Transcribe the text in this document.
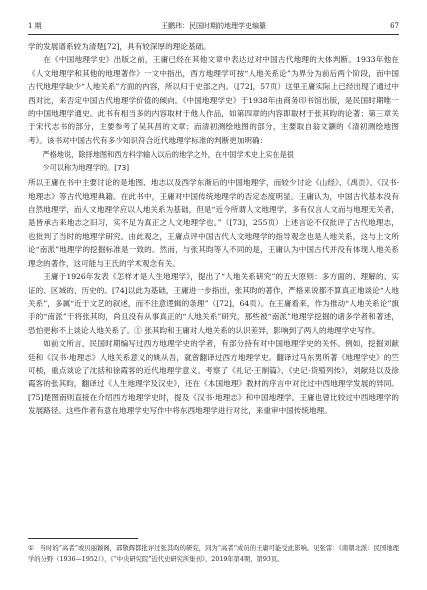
1 期	王鹏玮：民国时期的地理学史编纂	67

学的发展谱系较为清楚[72]，具有较深厚的理论基础。

在《中国地理学史》出版之前，王庸已经在其他文章中表达过对中国古代地理的大体判断。1933年他在《人文地理学和其他的地理著作》一文中指出，西方地理学可按“人地关系论”为界分为前后两个阶段，而中国古代地理学缺少“人地关系”方面的内容，所以归于史部之内。（[72]，57页）这里王庸实际上已经出现了通过中西对比，来否定中国古代地理学价值的倾向。《中国地理学史》于1938年由商务印书馆出版，是民国时期唯一的中国地理学通史。此书有相当多的内容取材于他人作品，如第四章的内容即取材于张其昀的论著；第三章关于宋代志书的部分，主要参考了吴其昌的文章；而清初测绘地图的部分，主要取自翁文灏的《清初测绘地图考》。该书对中国古代有多少知识符合近代地理学标准的判断更加明确：

严格地说，除择地图和西方科学输入以后的地学之外，在中国学术史上实在是很
少可以称为地理学的。[73]

所以王庸在书中主要讨论的是地图、地志以及西学东渐后的中国地理学，而较少讨论《山经》、《禹贡》、《汉书·地理志》等古代地理典籍。在此书中，王庸对中国传统地理学的否定态度明显。王庸认为，中国古代基本没有自然地理学，而人文地理学应以人地关系为基础，但是“近今所谓人文地理学，多有仅言人文而与地理无关者，是皆承古来地志之旧习，实不足为真正之人文地理学也。”（[73]，255页）上述言论不仅批评了古代地理志，也批判了当时的地理学研究。由此观之，王庸点评中国古代人文地理学的指导观念也是人地关系，这与上文所论“南派”地理学的挖掘标准是一致的。然而，与张其昀等人不同的是，王庸认为中国古代并没有体现人地关系理念的著作，这可能与王氏的学术观念有关。

王庸于1926年发表《怎样才是人生地理学》，提出了“人地关系研究”的五大原则：多方面的、理解的、实证的、区域的、历史的。[74]以此为基础，王庸进一步指出，张其昀的著作，严格来说都不算真正地谈论“人地关系”，多属“近于文艺的叙述，而不注意逻辑的条理”（[72]，64页）。在王庸看来，作为推动“人地关系论”旗手的“南派”干将张其昀，尚且没有从事真正的“人地关系”研究，那些被“南派”地理学挖掘的诸多学者和著述，恐怕更称不上谈论人地关系了。① 张其昀和王庸对人地关系的认识差异，影响到了两人的地理学史写作。

如前文所言，民国时期编写过西方地理学史的学者，有部分持有对中国地理学史的关怀。例如，挖掘刘献廷和《汉书·地理志》人地关系意义的姚从吾，就曾翻译过西方地理学史。翻译过马东男所著《地理学史》的竺可桢，重点谈论了沈括和徐霞客的近代地理学意义。考察了《礼记·王制篇》、《史记·货殖列传》，刘献廷以及徐霞客的张其昀，翻译过《人生地理学及汉史》，还在《本国地理》教材的序言中对比过中西地理学发展的异同。[75]楚图南则直接在介绍西方地理学史时，提及《汉书·地理志》和中国地理学。王庸也曾比较过中西地理学的发展路径。这些作者有意在地理学史写作中将东西地理学进行对比，来重审中国传统地理。

① 当时的“高者”或贝丽颖阁，郭敬辉都批评过张其昀的研究，同为“高者”成员的王庸可能受此影响。见张雷：《南朝北派：民国地理学的分野（1936—1952）》，《“中央研究院”近代史研究所集刊》，2019年第4期，第93页。
